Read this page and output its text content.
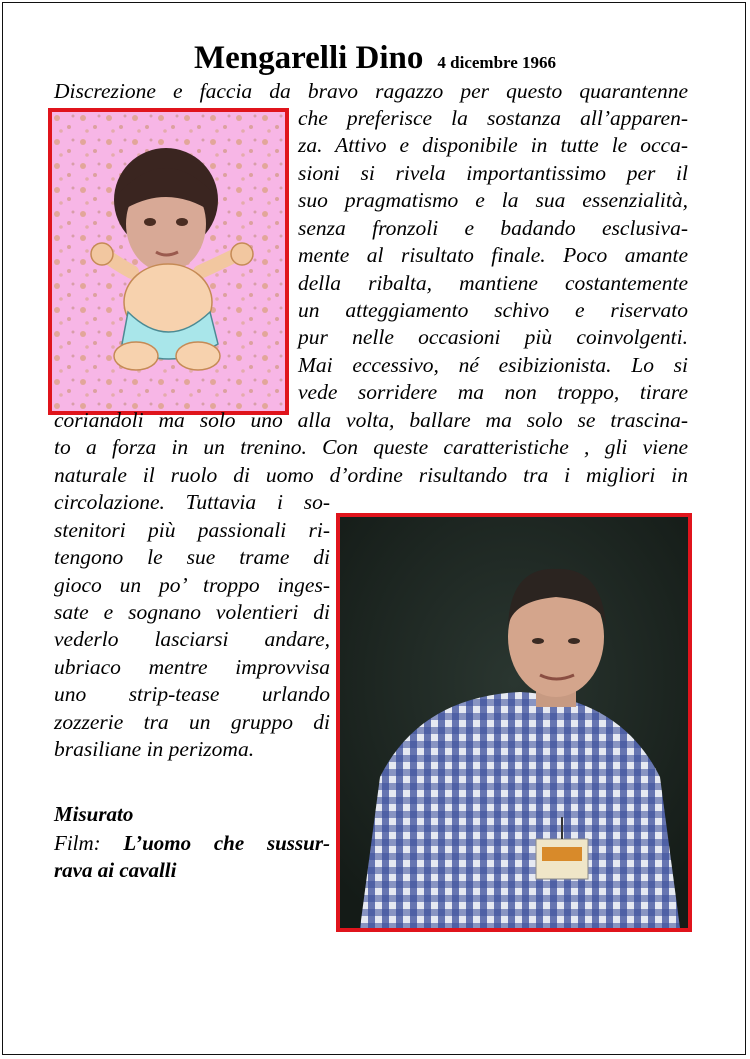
Mengarelli Dino 4 dicembre 1966
Discrezione e faccia da bravo ragazzo per questo quarantenne
che preferisce la sostanza all’apparen-
za. Attivo e disponibile in tutte le occa-
sioni si rivela importantissimo per il
suo pragmatismo e la sua essenzialità,
senza fronzoli e badando esclusiva-
mente al risultato finale. Poco amante
della ribalta, mantiene costantemente
un atteggiamento schivo e riservato
pur nelle occasioni più coinvolgenti.
Mai eccessivo, né esibizionista. Lo si
vede sorridere ma non troppo, tirare
coriandoli ma solo uno alla volta, ballare ma solo se trascina-
to a forza in un trenino. Con queste caratteristiche , gli viene
naturale il ruolo di uomo d’ordine risultando tra i migliori in
circolazione. Tuttavia i so-
stenitori più passionali ri-
tengono le sue trame di
gioco un po’ troppo inges-
sate e sognano volentieri di
vederlo lasciarsi andare,
ubriaco mentre improvvisa
uno strip-tease urlando
zozzerie tra un gruppo di
brasiliane in perizoma.
Misurato
Film: L’uomo che sussur-
rava ai cavalli
